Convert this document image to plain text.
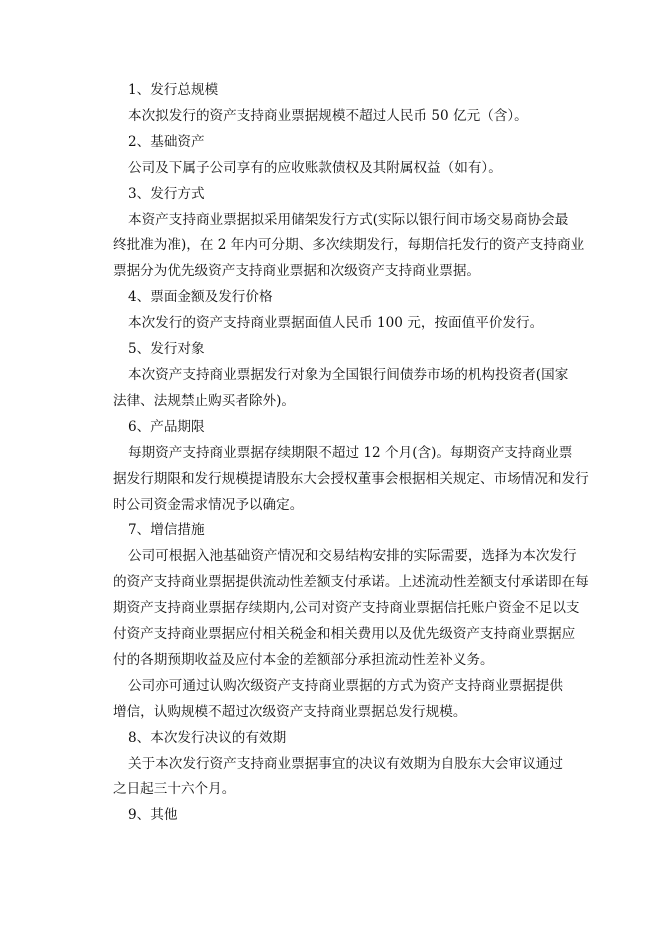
1、发行总规模

本次拟发行的资产支持商业票据规模不超过人民币 50 亿元（含）。

2、基础资产

公司及下属子公司享有的应收账款债权及其附属权益（如有）。

3、发行方式

本资产支持商业票据拟采用储架发行方式(实际以银行间市场交易商协会最

终批准为准)，在 2 年内可分期、多次续期发行，每期信托发行的资产支持商业

票据分为优先级资产支持商业票据和次级资产支持商业票据。

4、票面金额及发行价格

本次发行的资产支持商业票据面值人民币 100 元，按面值平价发行。

5、发行对象

本次资产支持商业票据发行对象为全国银行间债券市场的机构投资者(国家

法律、法规禁止购买者除外)。

6、产品期限

每期资产支持商业票据存续期限不超过 12 个月(含)。每期资产支持商业票

据发行期限和发行规模提请股东大会授权董事会根据相关规定、市场情况和发行

时公司资金需求情况予以确定。

7、增信措施

公司可根据入池基础资产情况和交易结构安排的实际需要，选择为本次发行

的资产支持商业票据提供流动性差额支付承诺。上述流动性差额支付承诺即在每

期资产支持商业票据存续期内,公司对资产支持商业票据信托账户资金不足以支

付资产支持商业票据应付相关税金和相关费用以及优先级资产支持商业票据应

付的各期预期收益及应付本金的差额部分承担流动性差补义务。

公司亦可通过认购次级资产支持商业票据的方式为资产支持商业票据提供

增信，认购规模不超过次级资产支持商业票据总发行规模。

8、本次发行决议的有效期

关于本次发行资产支持商业票据事宜的决议有效期为自股东大会审议通过

之日起三十六个月。

9、其他
